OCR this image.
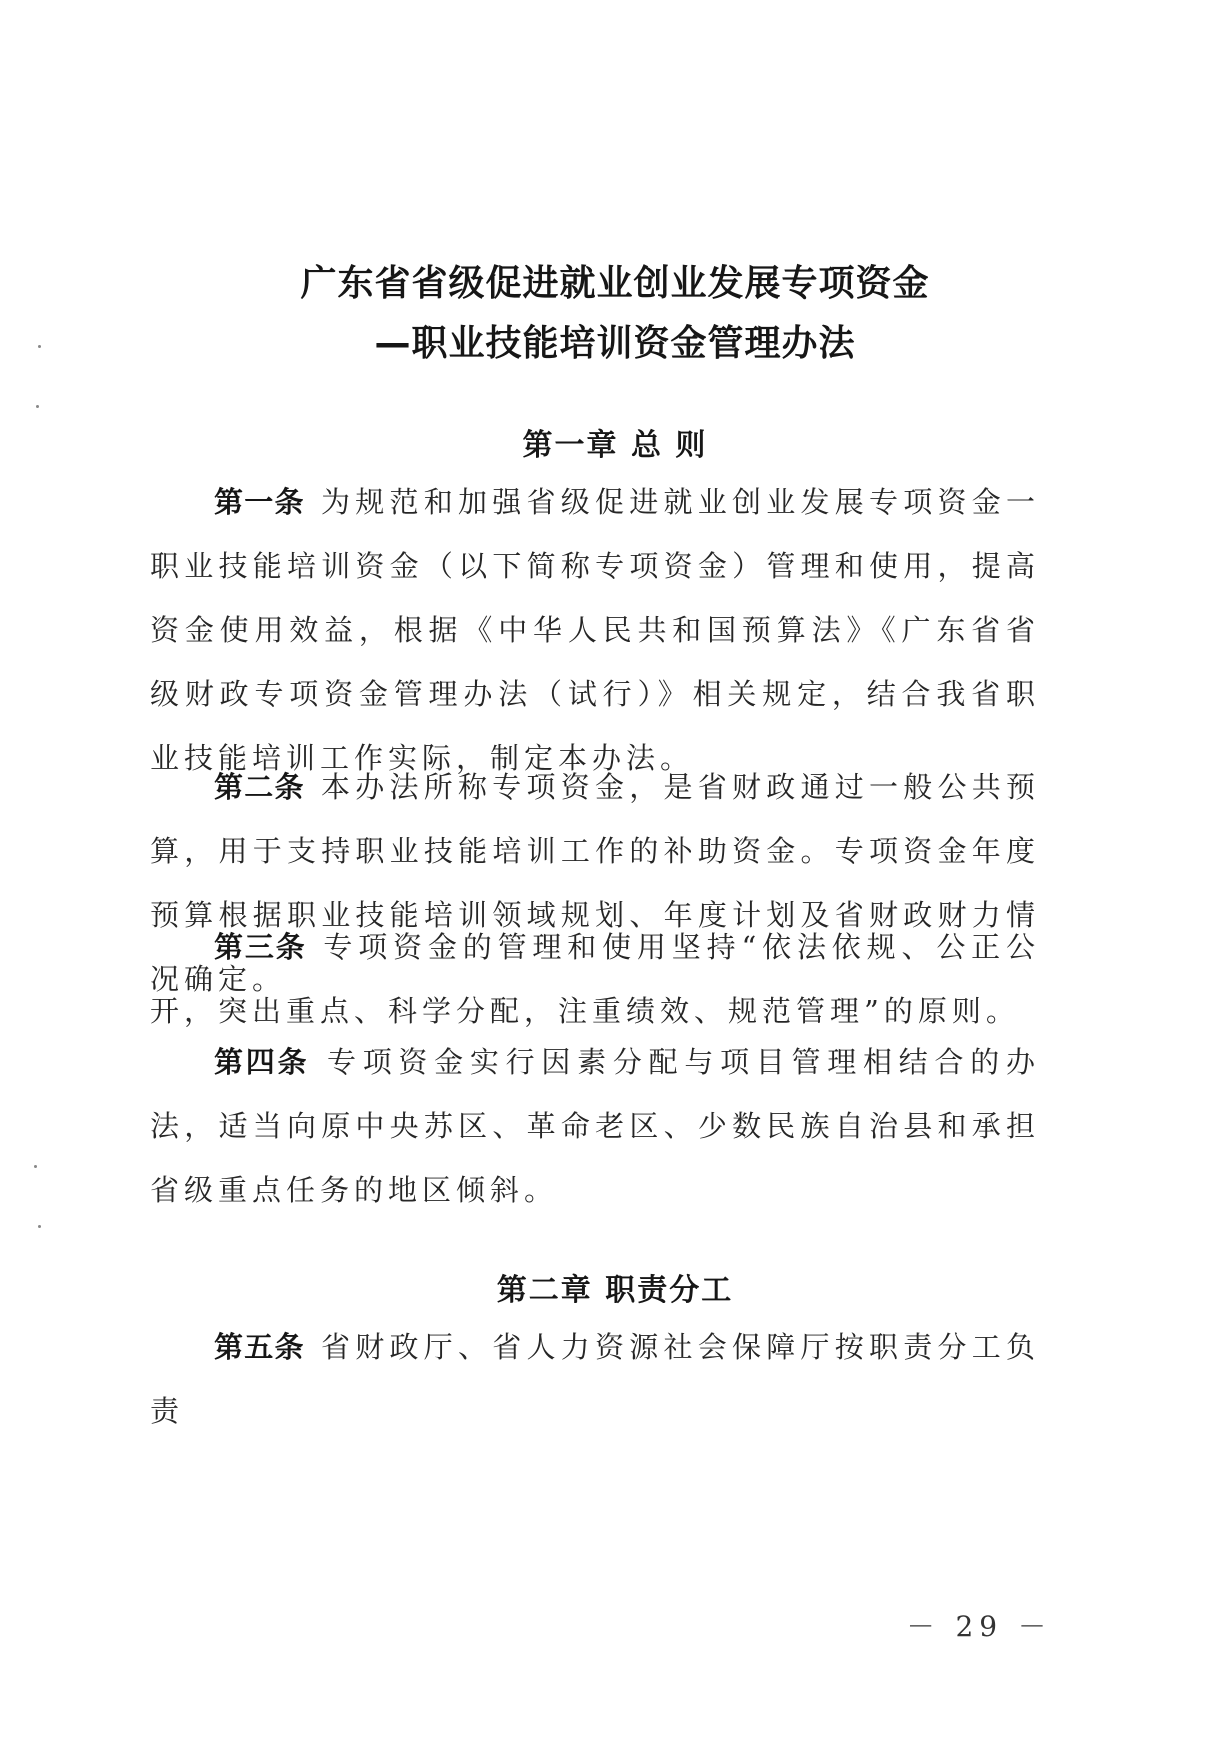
广东省省级促进就业创业发展专项资金
—职业技能培训资金管理办法
第一章 总 则
第一条 为规范和加强省级促进就业创业发展专项资金一职业技能培训资金（以下简称专项资金）管理和使用，提高资金使用效益，根据《中华人民共和国预算法》《广东省省级财政专项资金管理办法（试行）》相关规定，结合我省职业技能培训工作实际，制定本办法。
第二条 本办法所称专项资金，是省财政通过一般公共预算，用于支持职业技能培训工作的补助资金。专项资金年度预算根据职业技能培训领域规划、年度计划及省财政财力情况确定。
第三条 专项资金的管理和使用坚持“依法依规、公正公开，突出重点、科学分配，注重绩效、规范管理”的原则。
第四条 专项资金实行因素分配与项目管理相结合的办法，适当向原中央苏区、革命老区、少数民族自治县和承担省级重点任务的地区倾斜。
第二章 职责分工
第五条 省财政厅、省人力资源社会保障厅按职责分工负责
－ 29 －
